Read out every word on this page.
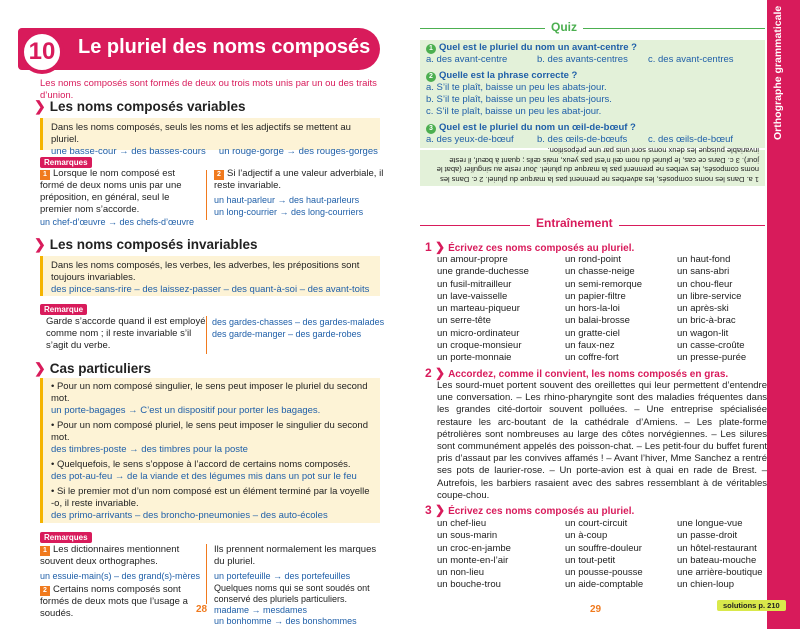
10	Le pluriel des noms composés
Les noms composés sont formés de deux ou trois mots unis par un ou des traits d’union.
❯ Les noms composés variables
Dans les noms composés, seuls les noms et les adjectifs se mettent au pluriel.
une basse-cour → des basses-cours     un rouge-gorge → des rouges-gorges
Remarques
1 Lorsque le nom composé est formé de deux noms unis par une préposition, en général, seul le premier nom s’accorde.
un chef-d’œuvre → des chefs-d’œuvre
2 Si l’adjectif a une valeur adverbiale, il reste invariable.
un haut-parleur → des haut-parleurs
un long-courrier → des long-courriers
❯ Les noms composés invariables
Dans les noms composés, les verbes, les adverbes, les prépositions sont toujours invariables.
des pince-sans-rire – des laissez-passer – des quant-à-soi – des avant-toits
Remarque
Garde s’accorde quand il est employé comme nom ; il reste invariable s’il s’agit du verbe.
des gardes-chasses – des gardes-malades
des garde-manger – des garde-robes
❯ Cas particuliers
• Pour un nom composé singulier, le sens peut imposer le pluriel du second mot.
un porte-bagages → C’est un dispositif pour porter les bagages.
• Pour un nom composé pluriel, le sens peut imposer le singulier du second mot.
des timbres-poste → des timbres pour la poste
• Quelquefois, le sens s’oppose à l’accord de certains noms composés.
des pot-au-feu → de la viande et des légumes mis dans un pot sur le feu
• Si le premier mot d’un nom composé est un élément terminé par la voyelle -o, il reste invariable.
des primo-arrivants – des broncho-pneumonies – des auto-écoles
Remarques
1 Les dictionnaires mentionnent souvent deux orthographes.
un essuie-main(s) – des grand(s)-mères
2 Certains noms composés sont formés de deux mots que l’usage a soudés.
Ils prennent normalement les marques du pluriel.
un portefeuille → des portefeuilles
Quelques noms qui se sont soudés ont conservé des pluriels particuliers.
madame → mesdames
un bonhomme → des bonshommes
28
Quiz
1 Quel est le pluriel du nom un avant-centre ?
a. des avant-centre	b. des avants-centres	c. des avant-centres
2 Quelle est la phrase correcte ?
a. S’il te plaît, baisse un peu les abats-jour.
b. S’il te plaît, baisse un peu les abats-jours.
c. S’il te plaît, baisse un peu les abat-jour.
3 Quel est le pluriel du nom un œil-de-bœuf ?
a. des yeux-de-bœuf	b. des œils-de-bœufs	c. des œils-de-bœuf
1 a. Dans les noms composés, les adverbes ne prennent pas la marque du pluriel. 2 c. Dans les noms composés, les verbes ne prennent pas la marque du pluriel. Jour reste au singulier (abat le jour). 3 c. Dans ce cas, le pluriel du nom œil n’est pas yeux, mais œils ; quant à bœuf, il reste invariable puisque les deux noms sont unis par une préposition.
Entraînement
1 ❯ Écrivez ces noms composés au pluriel.
un amour-propre	un rond-point	un haut-fond
une grande-duchesse	un chasse-neige	un sans-abri
un fusil-mitrailleur	un semi-remorque	un chou-fleur
un lave-vaisselle	un papier-filtre	un libre-service
un marteau-piqueur	un hors-la-loi	un après-ski
un serre-tête	un balai-brosse	un bric-à-brac
un micro-ordinateur	un gratte-ciel	un wagon-lit
un croque-monsieur	un faux-nez	un casse-croûte
un porte-monnaie	un coffre-fort	un presse-purée
2 ❯ Accordez, comme il convient, les noms composés en gras.
Les sourd-muet portent souvent des oreillettes qui leur permettent d’entendre une conversation. – Les rhino-pharyngite sont des maladies fréquentes dans les grandes cité-dortoir souvent polluées. – Une entreprise spécialisée restaure les arc-boutant de la cathédrale d’Amiens. – Les plate-forme pétrolières sont nombreuses au large des côtes norvégiennes. – Les silures sont communément appelés des poisson-chat. – Les petit-four du buffet furent pris d’assaut par les convives affamés ! – Avant l’hiver, Mme Sanchez a rentré ses pots de laurier-rose. – Un porte-avion est à quai en rade de Brest. – Autrefois, les barbiers rasaient avec des sabres ressemblant à de véritables coupe-chou.
3 ❯ Écrivez ces noms composés au pluriel.
un chef-lieu	un court-circuit	une longue-vue
un sous-marin	un à-coup	un passe-droit
un croc-en-jambe	un souffre-douleur	un hôtel-restaurant
un monte-en-l’air	un tout-petit	un bateau-mouche
un non-lieu	un pousse-pousse	une arrière-boutique
un bouche-trou	un aide-comptable	un chien-loup
29
Orthographe grammaticale
solutions p. 210
